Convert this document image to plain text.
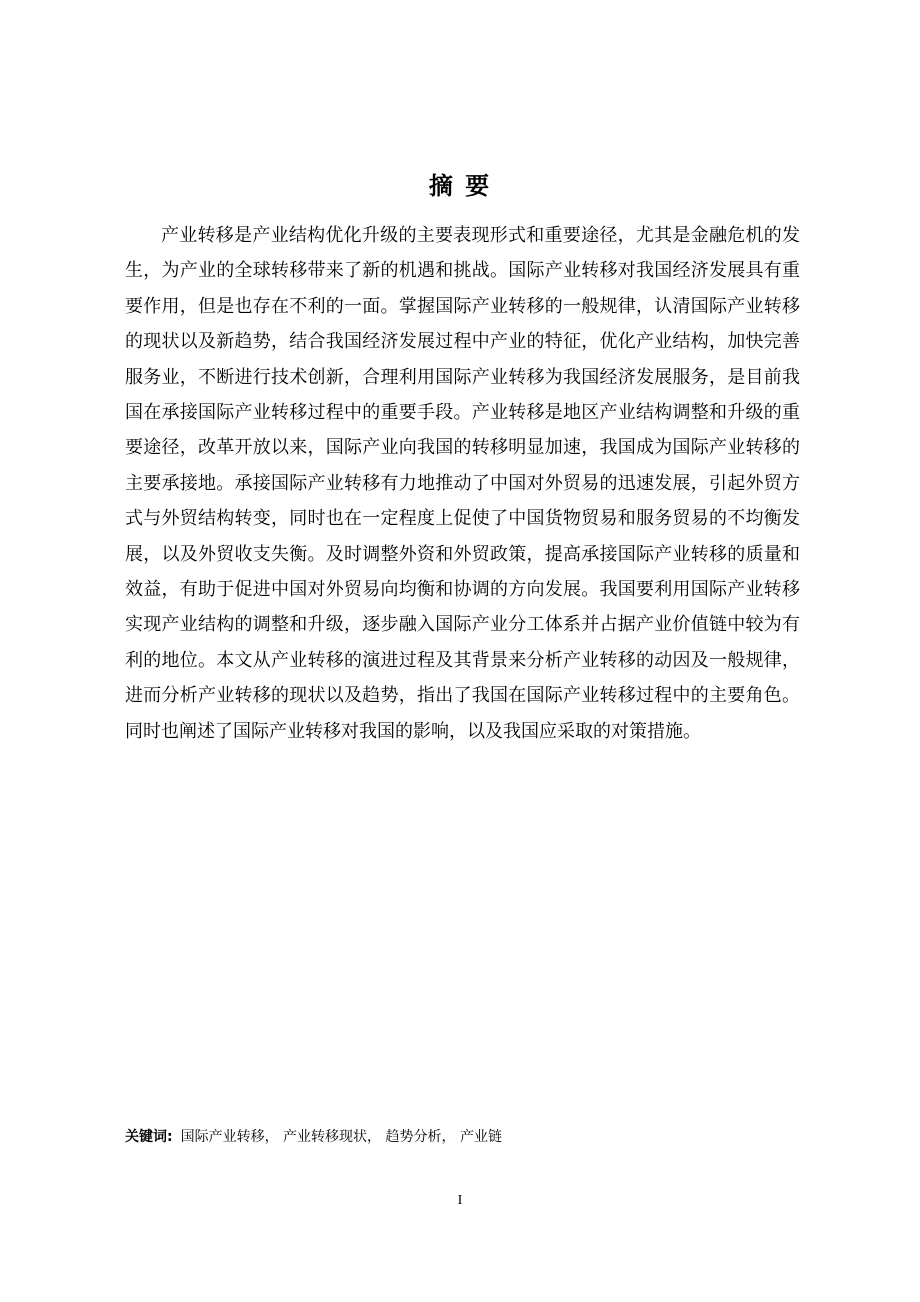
摘 要

产业转移是产业结构优化升级的主要表现形式和重要途径，尤其是金融危机的发生，为产业的全球转移带来了新的机遇和挑战。国际产业转移对我国经济发展具有重要作用，但是也存在不利的一面。掌握国际产业转移的一般规律，认清国际产业转移的现状以及新趋势，结合我国经济发展过程中产业的特征，优化产业结构，加快完善服务业，不断进行技术创新，合理利用国际产业转移为我国经济发展服务，是目前我国在承接国际产业转移过程中的重要手段。产业转移是地区产业结构调整和升级的重要途径，改革开放以来，国际产业向我国的转移明显加速，我国成为国际产业转移的主要承接地。承接国际产业转移有力地推动了中国对外贸易的迅速发展，引起外贸方式与外贸结构转变，同时也在一定程度上促使了中国货物贸易和服务贸易的不均衡发展，以及外贸收支失衡。及时调整外资和外贸政策，提高承接国际产业转移的质量和效益，有助于促进中国对外贸易向均衡和协调的方向发展。我国要利用国际产业转移实现产业结构的调整和升级，逐步融入国际产业分工体系并占据产业价值链中较为有利的地位。本文从产业转移的演进过程及其背景来分析产业转移的动因及一般规律，进而分析产业转移的现状以及趋势，指出了我国在国际产业转移过程中的主要角色。同时也阐述了国际产业转移对我国的影响，以及我国应采取的对策措施。

关键词: 国际产业转移， 产业转移现状， 趋势分析， 产业链
I
